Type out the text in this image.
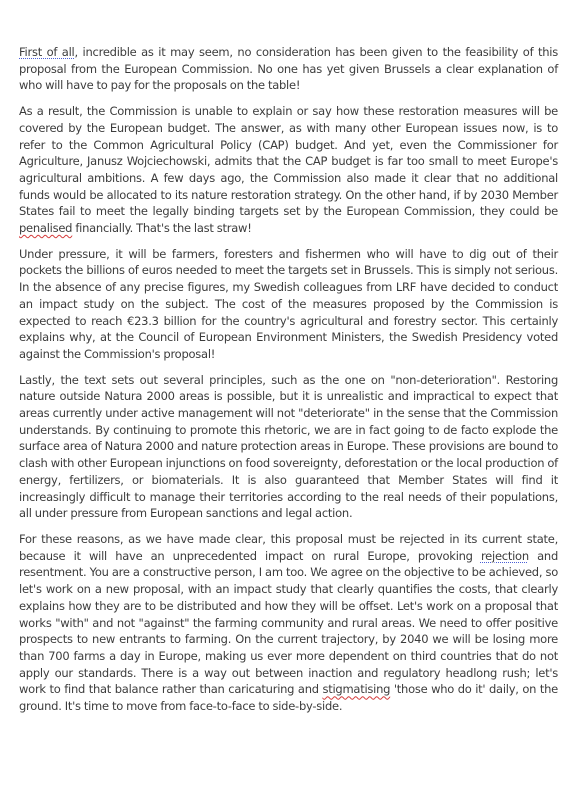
First of all, incredible as it may seem, no consideration has been given to the feasibility of this proposal from the European Commission. No one has yet given Brussels a clear explanation of who will have to pay for the proposals on the table!

As a result, the Commission is unable to explain or say how these restoration measures will be covered by the European budget. The answer, as with many other European issues now, is to refer to the Common Agricultural Policy (CAP) budget. And yet, even the Commissioner for Agriculture, Janusz Wojciechowski, admits that the CAP budget is far too small to meet Europe's agricultural ambitions. A few days ago, the Commission also made it clear that no additional funds would be allocated to its nature restoration strategy. On the other hand, if by 2030 Member States fail to meet the legally binding targets set by the European Commission, they could be penalised financially. That's the last straw!

Under pressure, it will be farmers, foresters and fishermen who will have to dig out of their pockets the billions of euros needed to meet the targets set in Brussels. This is simply not serious. In the absence of any precise figures, my Swedish colleagues from LRF have decided to conduct an impact study on the subject. The cost of the measures proposed by the Commission is expected to reach €23.3 billion for the country's agricultural and forestry sector. This certainly explains why, at the Council of European Environment Ministers, the Swedish Presidency voted against the Commission's proposal!

Lastly, the text sets out several principles, such as the one on "non-deterioration". Restoring nature outside Natura 2000 areas is possible, but it is unrealistic and impractical to expect that areas currently under active management will not "deteriorate" in the sense that the Commission understands. By continuing to promote this rhetoric, we are in fact going to de facto explode the surface area of Natura 2000 and nature protection areas in Europe. These provisions are bound to clash with other European injunctions on food sovereignty, deforestation or the local production of energy, fertilizers, or biomaterials. It is also guaranteed that Member States will find it increasingly difficult to manage their territories according to the real needs of their populations, all under pressure from European sanctions and legal action.

For these reasons, as we have made clear, this proposal must be rejected in its current state, because it will have an unprecedented impact on rural Europe, provoking rejection and resentment. You are a constructive person, I am too. We agree on the objective to be achieved, so let's work on a new proposal, with an impact study that clearly quantifies the costs, that clearly explains how they are to be distributed and how they will be offset. Let's work on a proposal that works "with" and not "against" the farming community and rural areas. We need to offer positive prospects to new entrants to farming. On the current trajectory, by 2040 we will be losing more than 700 farms a day in Europe, making us ever more dependent on third countries that do not apply our standards. There is a way out between inaction and regulatory headlong rush; let's work to find that balance rather than caricaturing and stigmatising 'those who do it' daily, on the ground. It's time to move from face-to-face to side-by-side.
